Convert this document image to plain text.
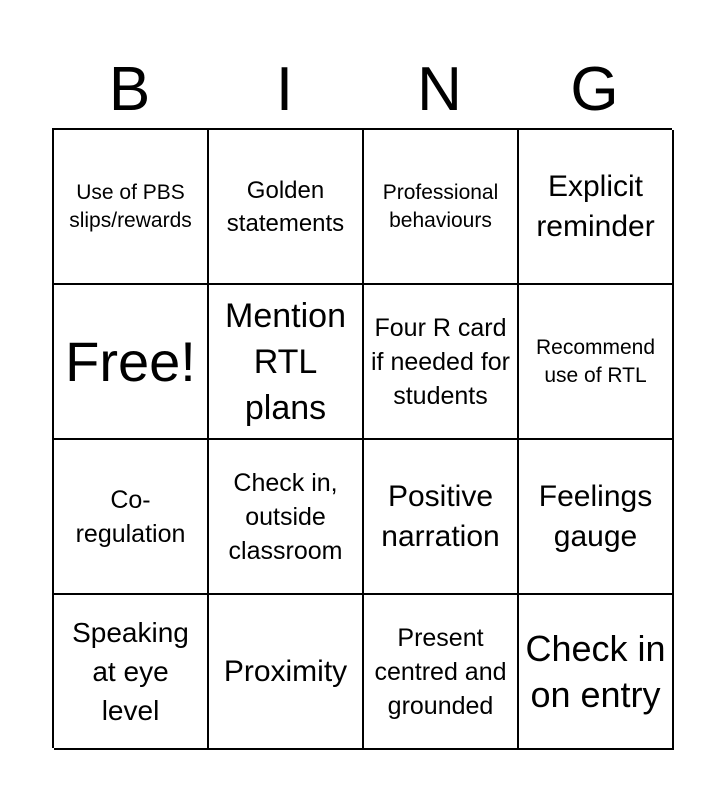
B	I	N	G
Use of PBS slips/rewards
Golden statements
Professional behaviours
Explicit reminder
Free!
Mention RTL plans
Four R card if needed for students
Recommend use of RTL
Co-regulation
Check in, outside classroom
Positive narration
Feelings gauge
Speaking at eye level
Proximity
Present centred and grounded
Check in on entry
